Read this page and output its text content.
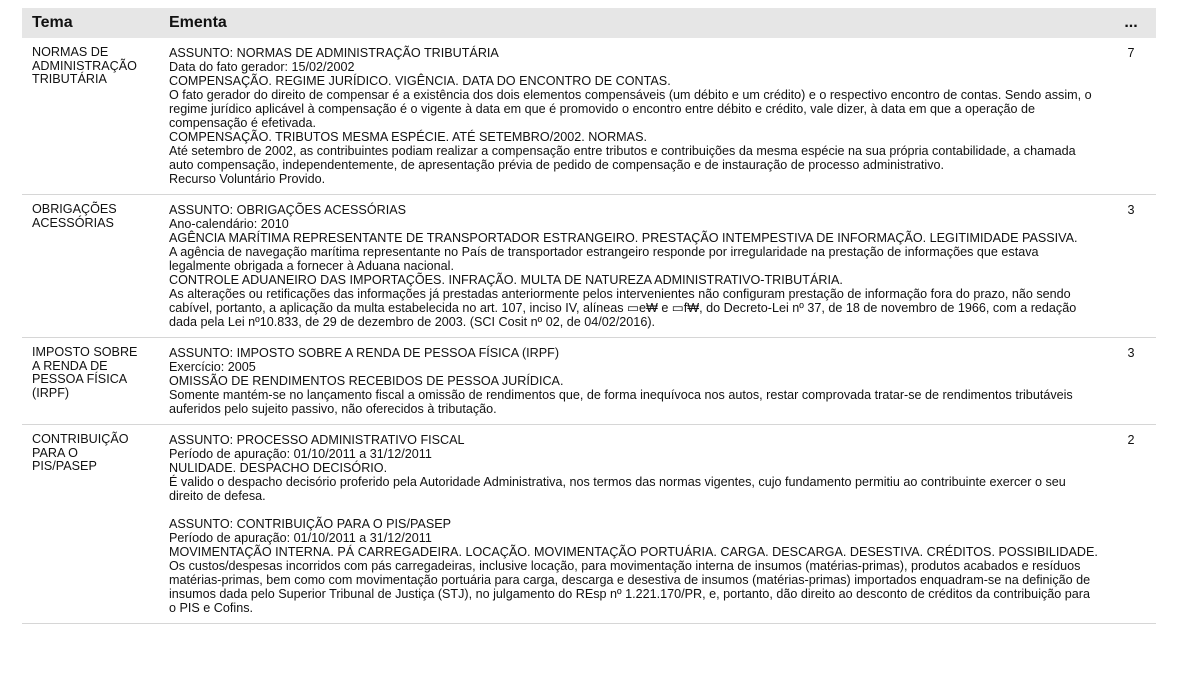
Tema	Ementa	...
NORMAS DE
ADMINISTRAÇÃO
TRIBUTÁRIA
ASSUNTO: NORMAS DE ADMINISTRAÇÃO TRIBUTÁRIA
Data do fato gerador: 15/02/2002
COMPENSAÇÃO. REGIME JURÍDICO. VIGÊNCIA. DATA DO ENCONTRO DE CONTAS.
O fato gerador do direito de compensar é a existência dos dois elementos compensáveis (um débito e um crédito) e o respectivo encontro de contas. Sendo assim, o regime jurídico aplicável à compensação é o vigente à data em que é promovido o encontro entre débito e crédito, vale dizer, à data em que a operação de compensação é efetivada.
COMPENSAÇÃO. TRIBUTOS MESMA ESPÉCIE. ATÉ SETEMBRO/2002. NORMAS.
Até setembro de 2002, as contribuintes podiam realizar a compensação entre tributos e contribuições da mesma espécie na sua própria contabilidade, a chamada auto compensação, independentemente, de apresentação prévia de pedido de compensação e de instauração de processo administrativo.
Recurso Voluntário Provido.
7
OBRIGAÇÕES
ACESSÓRIAS
ASSUNTO: OBRIGAÇÕES ACESSÓRIAS
Ano-calendário: 2010
AGÊNCIA MARÍTIMA REPRESENTANTE DE TRANSPORTADOR ESTRANGEIRO. PRESTAÇÃO INTEMPESTIVA DE INFORMAÇÃO. LEGITIMIDADE PASSIVA.
A agência de navegação marítima representante no País de transportador estrangeiro responde por irregularidade na prestação de informações que estava legalmente obrigada a fornecer à Aduana nacional.
CONTROLE ADUANEIRO DAS IMPORTAÇÕES. INFRAÇÃO. MULTA DE NATUREZA ADMINISTRATIVO-TRIBUTÁRIA.
As alterações ou retificações das informações já prestadas anteriormente pelos intervenientes não configuram prestação de informação fora do prazo, não sendo cabível, portanto, a aplicação da multa estabelecida no art. 107, inciso IV, alíneas ▭e₩ e ▭f₩, do Decreto-Lei nº 37, de 18 de novembro de 1966, com a redação dada pela Lei nº10.833, de 29 de dezembro de 2003. (SCI Cosit nº 02, de 04/02/2016).
3
IMPOSTO SOBRE
A RENDA DE
PESSOA FÍSICA
(IRPF)
ASSUNTO: IMPOSTO SOBRE A RENDA DE PESSOA FÍSICA (IRPF)
Exercício: 2005
OMISSÃO DE RENDIMENTOS RECEBIDOS DE PESSOA JURÍDICA.
Somente mantém-se no lançamento fiscal a omissão de rendimentos que, de forma inequívoca nos autos, restar comprovada tratar-se de rendimentos tributáveis auferidos pelo sujeito passivo, não oferecidos à tributação.
3
CONTRIBUIÇÃO
PARA O
PIS/PASEP
ASSUNTO: PROCESSO ADMINISTRATIVO FISCAL
Período de apuração: 01/10/2011 a 31/12/2011
NULIDADE. DESPACHO DECISÓRIO.
É valido o despacho decisório proferido pela Autoridade Administrativa, nos termos das normas vigentes, cujo fundamento permitiu ao contribuinte exercer o seu direito de defesa.
ASSUNTO: CONTRIBUIÇÃO PARA O PIS/PASEP
Período de apuração: 01/10/2011 a 31/12/2011
MOVIMENTAÇÃO INTERNA. PÁ CARREGADEIRA. LOCAÇÃO. MOVIMENTAÇÃO PORTUÁRIA. CARGA. DESCARGA. DESESTIVA. CRÉDITOS. POSSIBILIDADE.
Os custos/despesas incorridos com pás carregadeiras, inclusive locação, para movimentação interna de insumos (matérias-primas), produtos acabados e resíduos matérias-primas, bem como com movimentação portuária para carga, descarga e desestiva de insumos (matérias-primas) importados enquadram-se na definição de insumos dada pelo Superior Tribunal de Justiça (STJ), no julgamento do REsp nº 1.221.170/PR, e, portanto, dão direito ao desconto de créditos da contribuição para o PIS e Cofins.
2
